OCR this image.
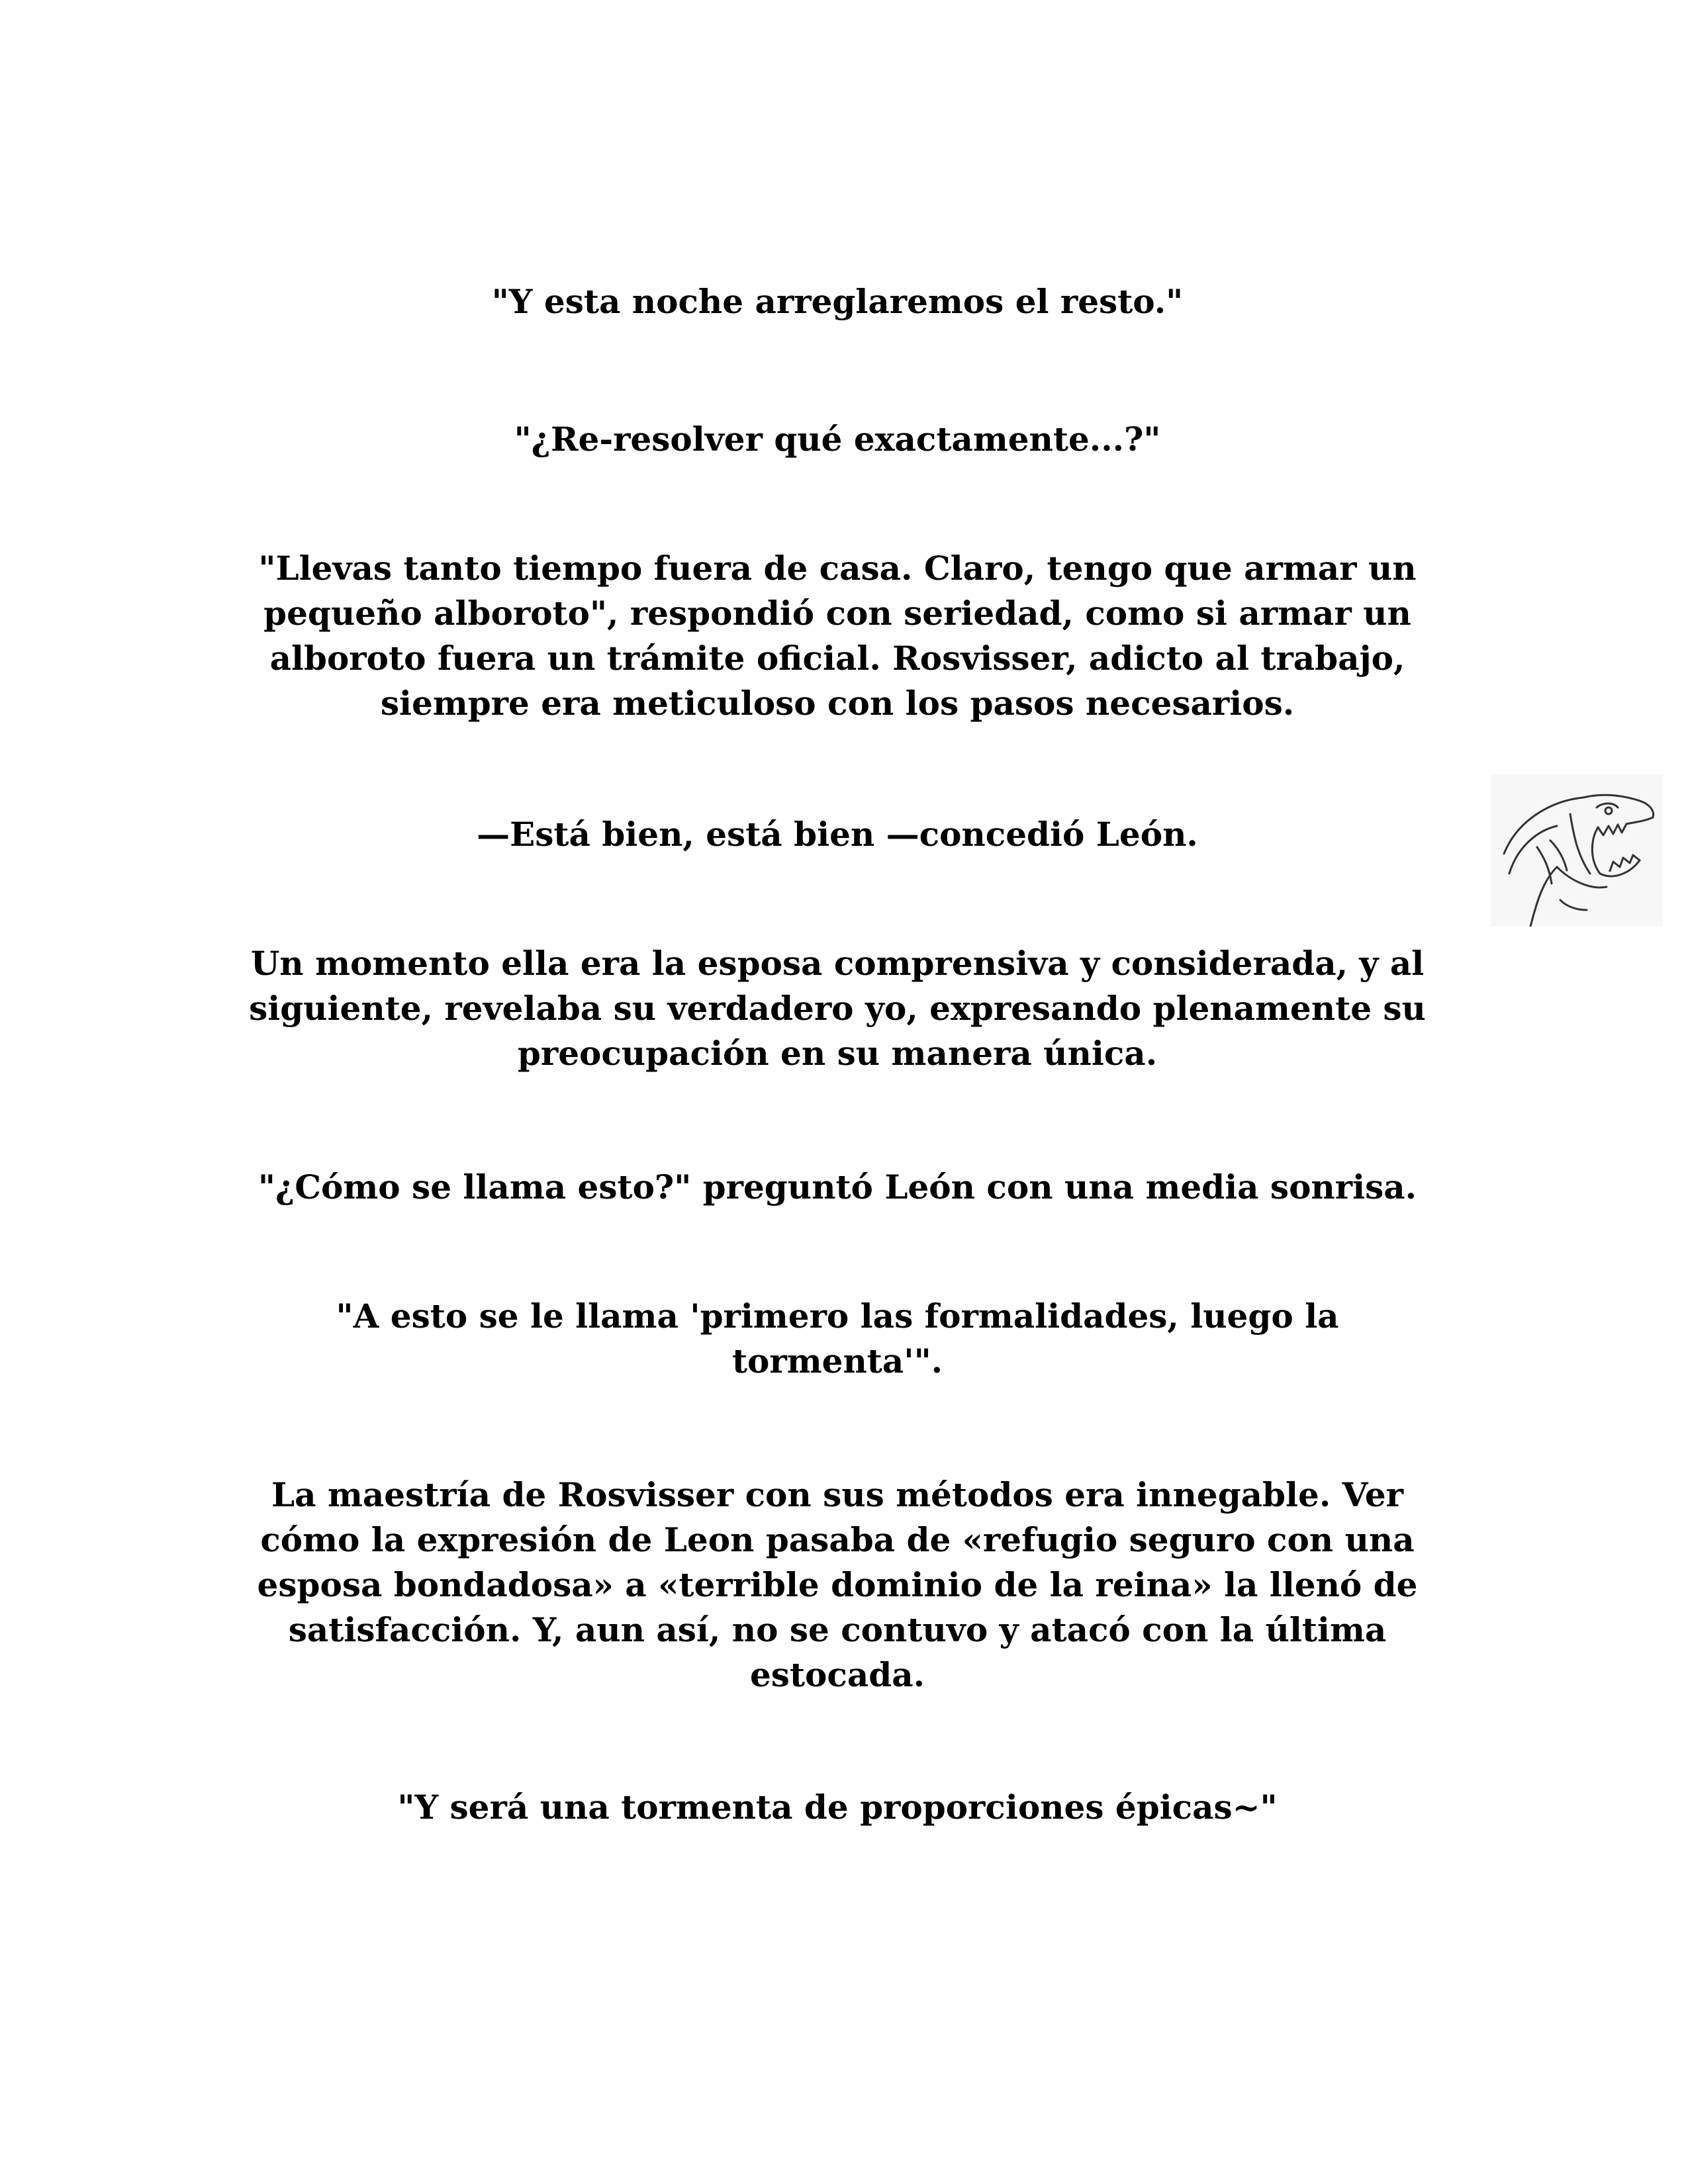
"Y esta noche arreglaremos el resto."

"¿Re-resolver qué exactamente...?"

"Llevas tanto tiempo fuera de casa. Claro, tengo que armar un pequeño alboroto", respondió con seriedad, como si armar un alboroto fuera un trámite oficial. Rosvisser, adicto al trabajo, siempre era meticuloso con los pasos necesarios.

—Está bien, está bien —concedió León.

Un momento ella era la esposa comprensiva y considerada, y al siguiente, revelaba su verdadero yo, expresando plenamente su preocupación en su manera única.

"¿Cómo se llama esto?" preguntó León con una media sonrisa.

"A esto se le llama 'primero las formalidades, luego la tormenta'".

La maestría de Rosvisser con sus métodos era innegable. Ver cómo la expresión de Leon pasaba de «refugio seguro con una esposa bondadosa» a «terrible dominio de la reina» la llenó de satisfacción. Y, aun así, no se contuvo y atacó con la última estocada.

"Y será una tormenta de proporciones épicas~"
